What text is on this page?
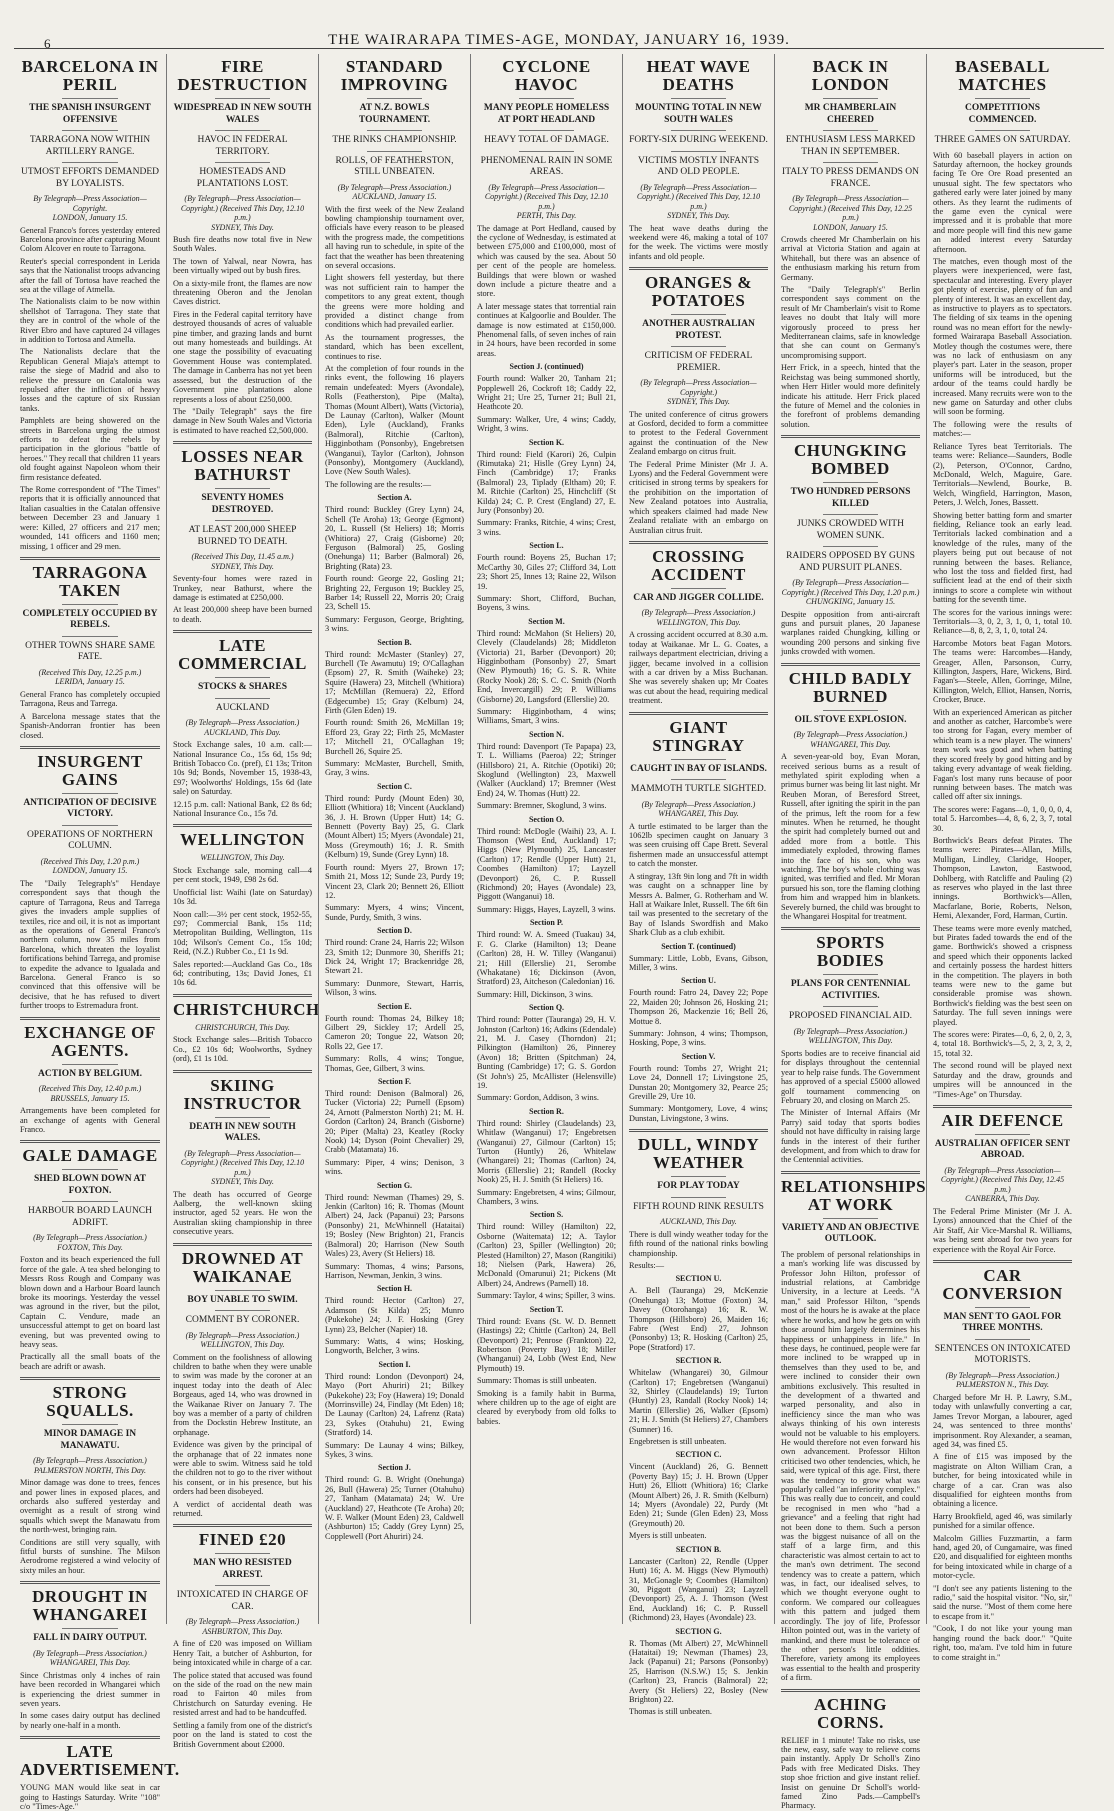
6	THE WAIRARAPA TIMES-AGE, MONDAY, JANUARY 16, 1939.
BARCELONA IN PERIL
THE SPANISH INSURGENT OFFENSIVE
TARRAGONA NOW WITHIN ARTILLERY RANGE.
UTMOST EFFORTS DEMANDED BY LOYALISTS.
By Telegraph—Press Association—Copyright.
LONDON, January 15.

General Franco's forces yesterday entered Barcelona province after capturing Mount Colom Alcover en route to Tarragona.

Reuter's special correspondent in Lerida says that the Nationalist troops advancing after the fall of Tortosa have reached the sea at the village of Atmella.

The Nationalists claim to be now within shellshot of Tarragona. They state that they are in control of the whole of the River Ebro and have captured 24 villages in addition to Tortosa and Atmella.

The Nationalists declare that the Republican General Miaja's attempt to raise the siege of Madrid and also to relieve the pressure on Catalonia was repulsed after the infliction of heavy losses and the capture of six Russian tanks.

Pamphlets are being showered on the streets in Barcelona urging the utmost efforts to defeat the rebels by participation in the glorious "battle of heroes." They recall that children 11 years old fought against Napoleon whom their firm resistance defeated.

The Rome correspondent of "The Times" reports that it is officially announced that Italian casualties in the Catalan offensive between December 23 and January 1 were: Killed, 27 officers and 217 men; wounded, 141 officers and 1160 men; missing, 1 officer and 29 men.

TARRAGONA TAKEN
COMPLETELY OCCUPIED BY REBELS.
OTHER TOWNS SHARE SAME FATE.
(Received This Day, 12.25 p.m.)
LERIDA, January 15.

General Franco has completely occupied Tarragona, Reus and Tarrega.

A Barcelona message states that the Spanish-Andorran frontier has been closed.

INSURGENT GAINS
ANTICIPATION OF DECISIVE VICTORY.
OPERATIONS OF NORTHERN COLUMN.
(Received This Day, 1.20 p.m.)
LONDON, January 15.

The "Daily Telegraph's" Hendaye correspondent says that though the capture of Tarragona, Reus and Tarrega gives the invaders ample supplies of textiles, rice and oil, it is not as important as the operations of General Franco's northern column, now 35 miles from Barcelona, which threaten the loyalist fortifications behind Tarrega, and promise to expedite the advance to Igualada and Barcelona. General Franco is so convinced that this offensive will be decisive, that he has refused to divert further troops to Estremadura front.

EXCHANGE OF AGENTS.
ACTION BY BELGIUM.
(Received This Day, 12.40 p.m.)
BRUSSELS, January 15.

Arrangements have been completed for an exchange of agents with General Franco.

GALE DAMAGE
SHED BLOWN DOWN AT FOXTON.
HARBOUR BOARD LAUNCH ADRIFT.
(By Telegraph—Press Association.)
FOXTON, This Day.

Foxton and its beach experienced the full force of the gale. A tea shed belonging to Messrs Ross Rough and Company was blown down and a Harbour Board launch broke its moorings. Yesterday the vessel was aground in the river, but the pilot, Captain C. Vendure, made an unsuccessful attempt to get on board last evening, but was prevented owing to heavy seas.

Practically all the small boats of the beach are adrift or awash.

STRONG SQUALLS.
MINOR DAMAGE IN MANAWATU.
(By Telegraph—Press Association.)
PALMERSTON NORTH, This Day.

Minor damage was done to trees, fences and power lines in exposed places, and orchards also suffered yesterday and overnight as a result of strong wind squalls which swept the Manawatu from the north-west, bringing rain.

Conditions are still very squally, with fitful bursts of sunshine. The Milson Aerodrome registered a wind velocity of sixty miles an hour.

DROUGHT IN WHANGAREI
FALL IN DAIRY OUTPUT.
(By Telegraph—Press Association.)
WHANGAREI, This Day.

Since Christmas only 4 inches of rain have been recorded in Whangarei which is experiencing the driest summer in seven years.

In some cases dairy output has declined by nearly one-half in a month.

LATE ADVERTISEMENT.

YOUNG MAN would like seat in car going to Hastings Saturday. Write "108" c/o "Times-Age."

FIRE DESTRUCTION
WIDESPREAD IN NEW SOUTH WALES
HAVOC IN FEDERAL TERRITORY.
HOMESTEADS AND PLANTATIONS LOST.
(By Telegraph—Press Association—Copyright.) (Received This Day, 12.10 p.m.)
SYDNEY, This Day.

Bush fire deaths now total five in New South Wales.

The town of Yalwal, near Nowra, has been virtually wiped out by bush fires.

On a sixty-mile front, the flames are now threatening Oberon and the Jenolan Caves district.

Fires in the Federal capital territory have destroyed thousands of acres of valuable pine timber, and grazing lands and burnt out many homesteads and buildings. At one stage the possibility of evacuating Government House was contemplated. The damage in Canberra has not yet been assessed, but the destruction of the Government pine plantations alone represents a loss of about £250,000.

The "Daily Telegraph" says the fire damage in New South Wales and Victoria is estimated to have reached £2,500,000.

LOSSES NEAR BATHURST
SEVENTY HOMES DESTROYED.
AT LEAST 200,000 SHEEP BURNED TO DEATH.
(Received This Day, 11.45 a.m.)
SYDNEY, This Day.

Seventy-four homes were razed in Trunkey, near Bathurst, where the damage is estimated at £250,000.

At least 200,000 sheep have been burned to death.

LATE COMMERCIAL
STOCKS & SHARES
AUCKLAND
(By Telegraph—Press Association.)
AUCKLAND, This Day.

Stock Exchange sales, 10 a.m. call:—National Insurance Co., 15s 6d, 15s 9d; British Tobacco Co. (pref), £1 13s; Triton 10s 9d; Bonds, November 15, 1938-43, £97; Woolworths' Holdings, 15s 6d (late sale) on Saturday.

12.15 p.m. call: National Bank, £2 8s 6d; National Insurance Co., 15s 7d.

WELLINGTON
WELLINGTON, This Day.

Stock Exchange sale, morning call—4 per cent stock, 1949, £98 2s 6d.

Unofficial list: Waihi (late on Saturday) 10s 3d.

Noon call:—3½ per cent stock, 1952-55, £97; Commercial Bank, 15s 11d; Metropolitan Building, Wellington, 11s 10d; Wilson's Cement Co., 15s 10d; Reid, (N.Z.) Rubber Co., £1 1s 9d.

Sales reported:—Auckland Gas Co., 18s 6d; contributing, 13s; David Jones, £1 10s 6d.

CHRISTCHURCH
CHRISTCHURCH, This Day.

Stock Exchange sales—British Tobacco Co., £2 10s 6d; Woolworths, Sydney (ord), £1 1s 10d.

SKIING INSTRUCTOR
DEATH IN NEW SOUTH WALES.
(By Telegraph—Press Association—Copyright.) (Received This Day, 12.10 p.m.)
SYDNEY, This Day.

The death has occurred of George Aalberg, the well-known skiing instructor, aged 52 years. He won the Australian skiing championship in three consecutive years.

DROWNED AT WAIKANAE
BOY UNABLE TO SWIM.
COMMENT BY CORONER.
(By Telegraph—Press Association.)
WELLINGTON, This Day.

Comment on the foolishness of allowing children to bathe when they were unable to swim was made by the coroner at an inquest today into the death of Alec Borgeaus, aged 14, who was drowned in the Waikanae River on January 7. The boy was a member of a party of children from the Dockstin Hebrew Institute, an orphanage.

Evidence was given by the principal of the orphanage that of 22 inmates none were able to swim. Witness said he told the children not to go to the river without his consent, or in his presence, but his orders had been disobeyed.

A verdict of accidental death was returned.

FINED £20
MAN WHO RESISTED ARREST.
INTOXICATED IN CHARGE OF CAR.
(By Telegraph—Press Association.)
ASHBURTON, This Day.

A fine of £20 was imposed on William Henry Tait, a butcher of Ashburton, for being intoxicated while in charge of a car.

The police stated that accused was found on the side of the road on the new main road to Fairton 40 miles from Christchurch on Saturday evening. He resisted arrest and had to be handcuffed.

Settling a family from one of the district's poor on the land is stated to cost the British Government about £2000.

STANDARD IMPROVING
AT N.Z. BOWLS TOURNAMENT.
THE RINKS CHAMPIONSHIP.
ROLLS, OF FEATHERSTON, STILL UNBEATEN.
(By Telegraph—Press Association.)
AUCKLAND, January 15.

With the first week of the New Zealand bowling championship tournament over, officials have every reason to be pleased with the progress made, the competitions all having run to schedule, in spite of the fact that the weather has been threatening on several occasions.

Light showers fell yesterday, but there was not sufficient rain to hamper the competitors to any great extent, though the greens were more holding and provided a distinct change from conditions which had prevailed earlier.

As the tournament progresses, the standard, which has been excellent, continues to rise.

At the completion of four rounds in the rinks event, the following 16 players remain undefeated: Myers (Avondale), Rolls (Featherston), Pipe (Malta), Thomas (Mount Albert), Watts (Victoria), De Launay (Carlton), Walker (Mount Eden), Lyle (Auckland), Franks (Balmoral), Ritchie (Carlton), Higginbotham (Ponsonby), Engebretsen (Wanganui), Taylor (Carlton), Johnson (Ponsonby), Montgomery (Auckland), Love (New South Wales).

The following are the results:—

Section A.

Third round: Buckley (Grey Lynn) 24, Schell (Te Aroha) 13; George (Egmont) 20, L. Russell (St Heliers) 18; Morris (Whitiora) 27, Craig (Gisborne) 20; Ferguson (Balmoral) 25, Gosling (Onehunga) 11; Barber (Balmoral) 26, Brighting (Rata) 23.

Fourth round: George 22, Gosling 21; Brighting 22, Ferguson 19; Buckley 25, Barber 14; Russell 22, Morris 20; Craig 23, Schell 15.

Summary: Ferguson, George, Brighting, 3 wins.

Section B.

Third round: McMaster (Stanley) 27, Burchell (Te Awamutu) 19; O'Callaghan (Epsom) 27, R. Smith (Waiheke) 23; Squire (Hawera) 23, Mitchell (Whitiora) 17; McMillan (Remuera) 22, Efford (Edgecumbe) 15; Gray (Kelburn) 24, Firth (Glen Eden) 19.

Fourth round: Smith 26, McMillan 19; Efford 23, Gray 22; Firth 25, McMaster 17; Mitchell 21, O'Callaghan 19; Burchell 26, Squire 25.

Summary: McMaster, Burchell, Smith, Gray, 3 wins.

Section C.

Third round: Purdy (Mount Eden) 30, Elliott (Whitiora) 18; Vincent (Auckland) 36, J. H. Brown (Upper Hutt) 14; G. Bennett (Poverty Bay) 25, G. Clark (Mount Albert) 15; Myers (Avondale) 21, Moss (Greymouth) 16; J. R. Smith (Kelburn) 19, Sunde (Grey Lynn) 18.

Fourth round: Myers 27, Brown 17; Smith 21, Moss 12; Sunde 23, Purdy 19; Vincent 23, Clark 20; Bennett 26, Elliott 12.

Summary: Myers, 4 wins; Vincent, Sunde, Purdy, Smith, 3 wins.

Section D.

Third round: Crane 24, Harris 22; Wilson 23, Smith 12; Dunmore 30, Sheriffs 21; Dick 24, Wright 17; Brackenridge 28, Stewart 21.

Summary: Dunmore, Stewart, Harris, Wilson, 3 wins.

Section E.

Fourth round: Thomas 24, Bilkey 18; Gilbert 29, Sickley 17; Ardell 25, Cameron 20; Tongue 22, Watson 20; Rolls 22, Gee 17.

Summary: Rolls, 4 wins; Tongue, Thomas, Gee, Gilbert, 3 wins.

Section F.

Third round: Denison (Balmoral) 26, Tucker (Victoria) 22; Purnell (Epsom) 24, Arnott (Palmerston North) 21; M. H. Gordon (Carlton) 24, Branch (Gisborne) 20; Piper (Malta) 23, Keatley (Rocky Nook) 14; Dyson (Point Chevalier) 29, Crabb (Matamata) 16.

Summary: Piper, 4 wins; Denison, 3 wins.

Section G.

Third round: Newman (Thames) 29, S. Jenkin (Carlton) 16; R. Thomas (Mount Albert) 24, Jack (Papanui) 23; Parsons (Ponsonby) 21, McWhinnell (Hataitai) 19; Bosley (New Brighton) 21, Francis (Balmoral) 20; Harrison (New South Wales) 23, Avery (St Heliers) 18.

Summary: Thomas, 4 wins; Parsons, Harrison, Newman, Jenkin, 3 wins.

Section H.

Third round: Hector (Carlton) 27, Adamson (St Kilda) 25; Munro (Pukekohe) 24; J. F. Hosking (Grey Lynn) 23, Belcher (Napier) 18.

Summary: Watts, 4 wins; Hosking, Longworth, Belcher, 3 wins.

Section I.

Third round: London (Devonport) 24, Mayo (Port Ahuriri) 21; Bilkey (Pukekohe) 23; Foy (Hawera) 19; Donald (Morrinsville) 24, Findlay (Mt Eden) 18; De Launay (Carlton) 24, Lafrenz (Rata) 23, Sykes (Otahuhu) 21, Ewing (Stratford) 14.

Summary: De Launay 4 wins; Bilkey, Sykes, 3 wins.

Section J.

Third round: G. B. Wright (Onehunga) 26, Bull (Hawera) 25; Turner (Otahuhu) 27, Tanham (Matamata) 24; W. Ure (Auckland) 27, Heathcote (Te Aroha) 20; W. F. Walker (Mount Eden) 23, Caldwell (Ashburton) 15; Caddy (Grey Lynn) 25, Copplewell (Port Ahuriri) 24.

CYCLONE HAVOC
MANY PEOPLE HOMELESS AT PORT HEADLAND
HEAVY TOTAL OF DAMAGE.
PHENOMENAL RAIN IN SOME AREAS.
(By Telegraph—Press Association—Copyright.) (Received This Day, 12.10 p.m.)
PERTH, This Day.

The damage at Port Hedland, caused by the cyclone of Wednesday, is estimated at between £75,000 and £100,000, most of which was caused by the sea. About 50 per cent of the people are homeless. Buildings that were blown or washed down include a picture theatre and a store.

A later message states that torrential rain continues at Kalgoorlie and Boulder. The damage is now estimated at £150,000. Phenomenal falls, of seven inches of rain in 24 hours, have been recorded in some areas.

Section J. (continued)

Fourth round: Walker 20, Tanham 21; Popplewell 26, Cockroft 18; Caddy 22, Wright 21; Ure 25, Turner 21; Bull 21, Heathcote 20.

Summary: Walker, Ure, 4 wins; Caddy, Wright, 3 wins.

Section K.

Third round: Field (Karori) 26, Culpin (Rimutaka) 21; Hislle (Grey Lynn) 24, Finch (Cambridge) 17; Franks (Balmoral) 23, Tiplady (Eltham) 20; F. M. Ritchie (Carlton) 25, Hinchcliff (St Kilda) 24; C. P. Crest (England) 27, E. Jury (Ponsonby) 20.

Summary: Franks, Ritchie, 4 wins; Crest, 3 wins.

Section L.

Fourth round: Boyens 25, Buchan 17; McCarthy 30, Giles 27; Clifford 34, Lott 23; Short 25, Innes 13; Raine 22, Wilson 19.

Summary: Short, Clifford, Buchan, Boyens, 3 wins.

Section M.

Third round: McMahon (St Heliers) 20, Clevely (Claudelands) 28; Middleton (Victoria) 21, Barber (Devonport) 20; Higginbotham (Ponsonby) 27, Smart (New Plymouth) 16; G. S. R. White (Rocky Nook) 28; S. C. C. Smith (North End, Invercargill) 29; P. Williams (Gisborne) 20, Langsford (Ellerslie) 20.

Summary: Higginbotham, 4 wins; Williams, Smart, 3 wins.

Section N.

Third round: Davenport (Te Papapa) 23, T. L. Williams (Paeroa) 22; Stringer (Hillsboro) 21, A. Ritchie (Opotiki) 20; Skoglund (Wellington) 23, Maxwell (Walker (Auckland) 17; Bremner (West End) 24, W. Thomas (Hutt) 22.

Summary: Bremner, Skoglund, 3 wins.

Section O.

Third round: McDogle (Waihi) 23, A. I. Thomson (West End, Auckland) 17; Higgs (New Plymouth) 25, Lancaster (Carlton) 17; Rendle (Upper Hutt) 21, Coombes (Hamilton) 17; Layzell (Devonport) 26, C. P. Russell (Richmond) 20; Hayes (Avondale) 23, Piggott (Wanganui) 18.

Summary: Higgs, Hayes, Layzell, 3 wins.

Section P.

Third round: W. A. Smeed (Tuakau) 34, F. G. Clarke (Hamilton) 13; Deane (Carlton) 28, H. W. Tilley (Wanganui) 21; Hill (Ellerslie) 21, Serombe (Whakatane) 16; Dickinson (Avon, Stratford) 23, Aitcheson (Caledonian) 16.

Summary: Hill, Dickinson, 3 wins.

Section Q.

Third round: Potter (Tauranga) 29, H. V. Johnston (Carlton) 16; Adkins (Edendale) 21, M. J. Casey (Thorndon) 21; Pilkington (Hamilton) 26, Pinnerey (Avon) 18; Britten (Spitchman) 24, Bunting (Cambridge) 17; G. S. Gordon (St John's) 25, McAllister (Helensville) 19.

Summary: Gordon, Addison, 3 wins.

Section R.

Third round: Shirley (Claudelands) 23, Whitlaw (Wanganui) 17; Engebretsen (Wanganui) 27, Gilmour (Carlton) 15; Turton (Huntly) 26, Whitelaw (Whangarei) 21; Thomas (Carlton) 24, Morris (Ellerslie) 21; Randell (Rocky Nook) 25, H. J. Smith (St Heliers) 16.

Summary: Engebretsen, 4 wins; Gilmour, Chambers, 3 wins.

Section S.

Third round: Willey (Hamilton) 22, Osborne (Waitemata) 12; A. Taylor (Carlton) 23, Spiller (Wellington) 20; Plested (Hamilton) 27, Mason (Rangitiki) 18; Nielsen (Park, Hawera) 26, McDonald (Omarunui) 21; Pickens (Mt Albert) 24, Andrews (Parnell) 18.

Summary: Taylor, 4 wins; Spiller, 3 wins.

Section T.

Third round: Evans (St. W. D. Bennett (Hastings) 22; Chittle (Carlton) 24, Bell (Devonport) 21; Penrose (Frankton) 22, Robertson (Poverty Bay) 18; Miller (Whanganui) 24, Lobb (West End, New Plymouth) 19.

Summary: Thomas is still unbeaten.

Smoking is a family habit in Burma, where children up to the age of eight are cleared by everybody from old folks to babies.

HEAT WAVE DEATHS
MOUNTING TOTAL IN NEW SOUTH WALES
FORTY-SIX DURING WEEKEND.
VICTIMS MOSTLY INFANTS AND OLD PEOPLE.
(By Telegraph—Press Association—Copyright.) (Received This Day, 12.10 p.m.)
SYDNEY, This Day.

The heat wave deaths during the weekend were 46, making a total of 107 for the week. The victims were mostly infants and old people.

ORANGES & POTATOES
ANOTHER AUSTRALIAN PROTEST.
CRITICISM OF FEDERAL PREMIER.
(By Telegraph—Press Association—Copyright.)
SYDNEY, This Day.

The united conference of citrus growers at Gosford, decided to form a committee to protest to the Federal Government against the continuation of the New Zealand embargo on citrus fruit.

The Federal Prime Minister (Mr J. A. Lyons) and the Federal Government were criticised in strong terms by speakers for the prohibition on the importation of New Zealand potatoes into Australia, which speakers claimed had made New Zealand retaliate with an embargo on Australian citrus fruit.

CROSSING ACCIDENT
CAR AND JIGGER COLLIDE.
(By Telegraph—Press Association.)
WELLINGTON, This Day.

A crossing accident occurred at 8.30 a.m. today at Waikanae. Mr L. G. Coates, a railways department electrician, driving a jigger, became involved in a collision with a car driven by a Miss Buchanan. She was severely shaken up; Mr Coates was cut about the head, requiring medical treatment.

GIANT STINGRAY
CAUGHT IN BAY OF ISLANDS.
MAMMOTH TURTLE SIGHTED.
(By Telegraph—Press Association.)
WHANGAREI, This Day.

A turtle estimated to be larger than the 1062lb specimen caught on January 3 was seen cruising off Cape Brett. Several fishermen made an unsuccessful attempt to catch the monster.

A stingray, 13ft 9in long and 7ft in width was caught on a schnapper line by Messrs A. Balmer, G. Rotherham and W. Hall at Waikare Inlet, Russell. The 6ft 6in tail was presented to the secretary of the Bay of Islands Swordfish and Mako Shark Club as a club exhibit.

Section T. (continued)

Summary: Little, Lobb, Evans, Gibson, Miller, 3 wins.

Section U.

Fourth round: Fatro 24, Davey 22; Pope 22, Maiden 20; Johnson 26, Hosking 21; Thompson 26, Mackenzie 16; Bell 26, Mottue 8.

Summary: Johnson, 4 wins; Thompson, Hosking, Pope, 3 wins.

Section V.

Fourth round: Tombs 27, Wright 21; Love 24, Donnell 17; Livingstone 25, Dunstan 20; Montgomery 32, Pearce 25; Greville 29, Ure 10.

Summary: Montgomery, Love, 4 wins; Dunstan, Livingstone, 3 wins.

DULL, WINDY WEATHER
FOR PLAY TODAY
FIFTH ROUND RINK RESULTS
AUCKLAND, This Day.

There is dull windy weather today for the fifth round of the national rinks bowling championship.

Results:—

SECTION U.

A. Bell (Tauranga) 29, McKenzie (Onehunga) 13; Mottue (Foxton) 34, Davey (Otorohanga) 16; R. W. Thompson (Hillsboro) 26, Maiden 16; Fabre (West End) 27, Johnson (Ponsonby) 13; R. Hosking (Carlton) 25, Pope (Stratford) 17.

SECTION R.

Whitelaw (Whangarei) 30, Gilmour (Carlton) 17; Engebretsen (Wanganui) 32, Shirley (Claudelands) 19; Turton (Huntly) 23, Randall (Rocky Nook) 14; Martin (Ellerslie) 26, Walker (Epsom) 21; H. J. Smith (St Heliers) 27, Chambers (Sumner) 16.

Engebretsen is still unbeaten.

SECTION C.

Vincent (Auckland) 26, G. Bennett (Poverty Bay) 15; J. H. Brown (Upper Hutt) 26, Elliott (Whitiora) 16; Clarke (Mount Albert) 26, J. R. Smith (Kelburn) 14; Myers (Avondale) 22, Purdy (Mt Eden) 21; Sunde (Glen Eden) 23, Moss (Greymouth) 20.

Myers is still unbeaten.

SECTION B.

Lancaster (Carlton) 22, Rendle (Upper Hutt) 16; A. M. Higgs (New Plymouth) 31, McGonagle 9; Coombes (Hamilton) 30, Piggott (Wanganui) 23; Layzell (Devonport) 25, A. J. Thomson (West End, Auckland) 16; C. P. Russell (Richmond) 23, Hayes (Avondale) 23.

SECTION G.

R. Thomas (Mt Albert) 27, McWhinnell (Hataitai) 19; Newman (Thames) 23, Jack (Papanui) 21; Parsons (Ponsonby) 25, Harrison (N.S.W.) 15; S. Jenkin (Carlton) 23, Francis (Balmoral) 22; Avery (St Heliers) 22, Bosley (New Brighton) 22.

Thomas is still unbeaten.

BACK IN LONDON
MR CHAMBERLAIN CHEERED
ENTHUSIASM LESS MARKED THAN IN SEPTEMBER.
ITALY TO PRESS DEMANDS ON FRANCE.
(By Telegraph—Press Association—Copyright.) (Received This Day, 12.25 p.m.)
LONDON, January 15.

Crowds cheered Mr Chamberlain on his arrival at Victoria Station and again at Whitehall, but there was an absence of the enthusiasm marking his return from Germany.

The "Daily Telegraph's" Berlin correspondent says comment on the result of Mr Chamberlain's visit to Rome leaves no doubt that Italy will more vigorously proceed to press her Mediterranean claims, safe in knowledge that she can count on Germany's uncompromising support.

Herr Frick, in a speech, hinted that the Reichstag was being summoned shortly, when Herr Hitler would more definitely indicate his attitude. Herr Frick placed the future of Memel and the colonies in the forefront of problems demanding solution.

CHUNGKING BOMBED
TWO HUNDRED PERSONS KILLED
JUNKS CROWDED WITH WOMEN SUNK.
RAIDERS OPPOSED BY GUNS AND PURSUIT PLANES.
(By Telegraph—Press Association—Copyright.) (Received This Day, 1.20 p.m.)
CHUNGKING, January 15.

Despite opposition from anti-aircraft guns and pursuit planes, 20 Japanese warplanes raided Chungking, killing or wounding 200 persons and sinking five junks crowded with women.

CHILD BADLY BURNED
OIL STOVE EXPLOSION.
(By Telegraph—Press Association.)
WHANGAREI, This Day.

A seven-year-old boy, Evan Moran, received serious burns as a result of methylated spirit exploding when a primus burner was being lit last night. Mr Reuben Moran, of Beresford Street, Russell, after igniting the spirit in the pan of the primus, left the room for a few minutes. When he returned, he thought the spirit had completely burned out and added more from a bottle. This immediately exploded, throwing flames into the face of his son, who was watching. The boy's whole clothing was ignited, was terrified and fled. Mr Moran pursued his son, tore the flaming clothing from him and wrapped him in blankets. Severely burned, the child was brought to the Whangarei Hospital for treatment.

SPORTS BODIES
PLANS FOR CENTENNIAL ACTIVITIES.
PROPOSED FINANCIAL AID.
(By Telegraph—Press Association.)
WELLINGTON, This Day.

Sports bodies are to receive financial aid for displays throughout the centennial year to help raise funds. The Government has approved of a special £5000 allowed golf tournament commencing on February 20, and closing on March 25.

The Minister of Internal Affairs (Mr Parry) said today that sports bodies should not have difficulty in raising large funds in the interest of their further development, and from which to draw for the Centennial activities.

RELATIONSHIPS AT WORK
VARIETY AND AN OBJECTIVE OUTLOOK.

The problem of personal relationships in a man's working life was discussed by Professor John Hilton, professor of industrial relations, at Cambridge University, in a lecture at Leeds. "A man," said Professor Hilton, "spends most of the hours he is awake at the place where he works, and how he gets on with those around him largely determines his happiness or unhappiness in life." In these days, he continued, people were far more inclined to be wrapped up in themselves than they used to be, and were inclined to consider their own ambitions exclusively. This resulted in the development of a thwarted and warped personality, and also in inefficiency since the man who was always thinking of his own interests would not be valuable to his employers. He would therefore not even forward his own advancement. Professor Hilton criticised two other tendencies, which, he said, were typical of this age. First, there was the tendency to grow what was popularly called "an inferiority complex." This was really due to conceit, and could be recognised in men who "had a grievance" and a feeling that right had not been done to them. Such a person was the biggest nuisance of all on the staff of a large firm, and this characteristic was almost certain to act to the man's own detriment. The second tendency was to create a pattern, which was, in fact, our idealised selves, to which we thought everyone ought to conform. We compared our colleagues with this pattern and judged them accordingly. The joy of life, Professor Hilton pointed out, was in the variety of mankind, and there must be tolerance of the other person's little oddities. Therefore, variety among its employees was essential to the health and prosperity of a firm.

ACHING CORNS.

RELIEF in 1 minute! Take no risks, use the new, easy, safe way to relieve corns pain instantly. Apply Dr Scholl's Zino Pads with free Medicated Disks. They stop shoe friction and give instant relief. Insist on genuine Dr Scholl's world-famed Zino Pads.—Campbell's Pharmacy.

BASEBALL MATCHES
COMPETITIONS COMMENCED.
THREE GAMES ON SATURDAY.

With 60 baseball players in action on Saturday afternoon, the hockey grounds facing Te Ore Ore Road presented an unusual sight. The few spectators who gathered early were later joined by many others. As they learnt the rudiments of the game even the cynical were impressed and it is probable that more and more people will find this new game an added interest every Saturday afternoon.

The matches, even though most of the players were inexperienced, were fast, spectacular and interesting. Every player got plenty of exercise, plenty of fun and plenty of interest. It was an excellent day, as instructive to players as to spectators. The fielding of six teams in the opening round was no mean effort for the newly-formed Wairarapa Baseball Association. Motley though the costumes were, there was no lack of enthusiasm on any player's part. Later in the season, proper uniforms will be introduced, but the ardour of the teams could hardly be increased. Many recruits were won to the new game on Saturday and other clubs will soon be forming.

The following were the results of matches:—

Reliance Tyres beat Territorials. The teams were: Reliance—Saunders, Bodle (2), Peterson, O'Connor, Cardno, McDonald, Welch, Maguire, Gare. Territorials—Newlend, Bourke, B. Welch, Wingfield, Harrington, Mason, Peters, J. Welch, Jones, Bassett.

Showing better batting form and smarter fielding, Reliance took an early lead. Territorials lacked combination and a knowledge of the rules, many of the players being put out because of not running between the bases. Reliance, who lost the toss and fielded first, had sufficient lead at the end of their sixth innings to score a complete win without batting for the seventh time.

The scores for the various innings were: Territorials—3, 0, 2, 3, 1, 0, 1, total 10. Reliance—8, 8, 2, 3, 1, 0, total 24.

Harcombe Motors beat Fagan Motors. The teams were: Harcombes—Handy, Greager, Allen, Parsonson, Curry, Killington, Jaspers, Hare, Wickens, Bird. Fagan's—Steele, Allen, Gorringe, Milne, Killington, Welch, Elliot, Hansen, Norris, Crocker, Bruce.

With an experienced American as pitcher and another as catcher, Harcombe's were too strong for Fagan, every member of which team is a new player. The winners' team work was good and when batting they scored freely by good hitting and by taking every advantage of weak fielding. Fagan's lost many runs because of poor running between bases. The match was called off after six innings.

The scores were: Fagans—0, 1, 0, 0, 0, 4, total 5. Harcombes—4, 8, 6, 2, 3, 7, total 30.

Borthwick's Bears defeat Pirates. The teams were: Pirates—Allan, Mills, Mulligan, Lindley, Claridge, Hooper, Thompson, Lawton, Eastwood, Dohlberg, with Ratcliffe and Pauling (2) as reserves who played in the last three innings. Borthwick's—Allen, Macfarlane, Borie, Roberts, Nelson, Hemi, Alexander, Ford, Harman, Curtin.

These teams were more evenly matched, but Pirates faded towards the end of the game. Borthwick's showed a crispness and speed which their opponents lacked and certainly possess the hardest hitters in the competition. The players in both teams were new to the game but considerable promise was shown. Borthwick's fielding was the best seen on Saturday. The full seven innings were played.

The scores were: Pirates—0, 6, 2, 0, 2, 3, 4, total 18. Borthwick's—5, 2, 3, 2, 3, 2, 15, total 32.

The second round will be played next Saturday and the draw, grounds and umpires will be announced in the "Times-Age" on Thursday.

AIR DEFENCE
AUSTRALIAN OFFICER SENT ABROAD.
(By Telegraph—Press Association—Copyright.) (Received This Day, 12.45 p.m.)
CANBERRA, This Day.

The Federal Prime Minister (Mr J. A. Lyons) announced that the Chief of the Air Staff, Air Vice-Marshal R. Williams, was being sent abroad for two years for experience with the Royal Air Force.

CAR CONVERSION
MAN SENT TO GAOL FOR THREE MONTHS.
SENTENCES ON INTOXICATED MOTORISTS.
(By Telegraph—Press Association.)
PALMERSTON N., This Day.

Charged before Mr H. P. Lawry, S.M., today with unlawfully converting a car, James Trevor Morgan, a labourer, aged 24, was sentenced to three months' imprisonment. Roy Alexander, a seaman, aged 34, was fined £5.

A fine of £15 was imposed by the magistrate on Alton William Cran, a butcher, for being intoxicated while in charge of a car. Cran was also disqualified for eighteen months from obtaining a licence.

Harry Brookfield, aged 46, was similarly punished for a similar offence.

Malcolm Gillies Fuzzmartin, a farm hand, aged 20, of Cungamaire, was fined £20, and disqualified for eighteen months for being intoxicated while in charge of a motor-cycle.

"I don't see any patients listening to the radio," said the hospital visitor. "No, sir," said the nurse. "Most of them come here to escape from it."

"Cook, I do not like your young man hanging round the back door." "Quite right, too, ma'am. I've told him in future to come straight in."
